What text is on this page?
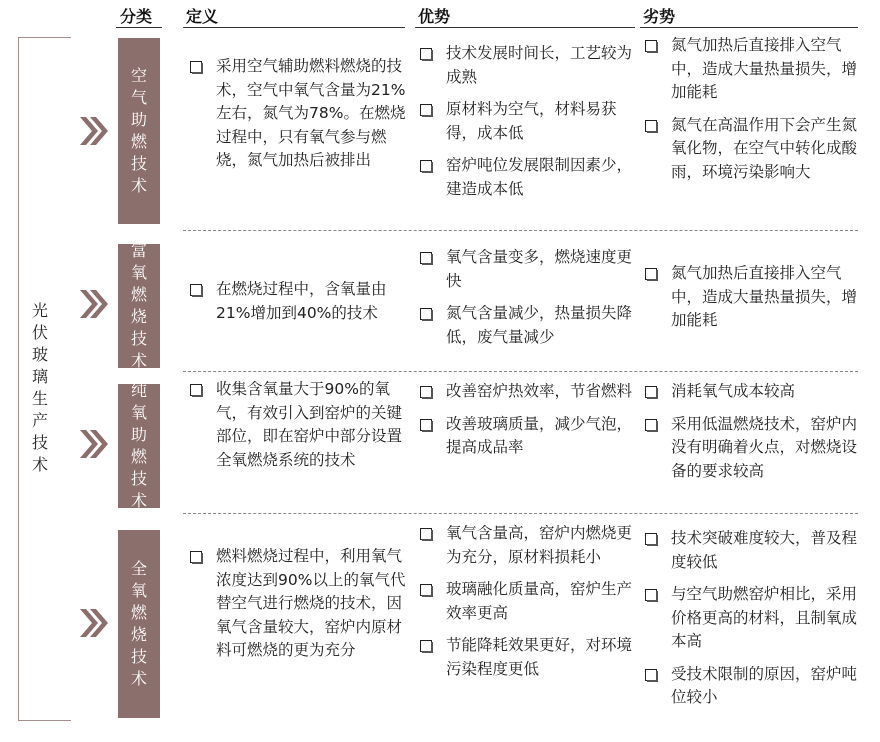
分类 定义	优势	劣势
光
伏
玻
璃
生
产
技
术
空气助燃技术
富氧燃烧技术
纯氧助燃技术
全氧燃烧技术
采用空气辅助燃料燃烧的技术，空气中氧气含量为21%左右，氮气为78%。在燃烧过程中，只有氧气参与燃烧，氮气加热后被排出
技术发展时间长，工艺较为成熟
原材料为空气，材料易获得，成本低
窑炉吨位发展限制因素少，建造成本低
氮气加热后直接排入空气中，造成大量热量损失，增加能耗
氮气在高温作用下会产生氮氧化物，在空气中转化成酸雨，环境污染影响大
在燃烧过程中，含氧量由21%增加到40%的技术
氧气含量变多，燃烧速度更快
氮气含量减少，热量损失降低，废气量减少
氮气加热后直接排入空气中，造成大量热量损失，增加能耗
收集含氧量大于90%的氧气，有效引入到窑炉的关键部位，即在窑炉中部分设置全氧燃烧系统的技术
改善窑炉热效率，节省燃料
改善玻璃质量，减少气泡，提高成品率
消耗氧气成本较高
采用低温燃烧技术，窑炉内没有明确着火点，对燃烧设备的要求较高
燃料燃烧过程中，利用氧气浓度达到90%以上的氧气代替空气进行燃烧的技术，因氧气含量较大，窑炉内原材料可燃烧的更为充分
氧气含量高，窑炉内燃烧更为充分，原材料损耗小
玻璃融化质量高，窑炉生产效率更高
节能降耗效果更好，对环境污染程度更低
技术突破难度较大，普及程度较低
与空气助燃窑炉相比，采用价格更高的材料，且制氧成本高
受技术限制的原因，窑炉吨位较小
